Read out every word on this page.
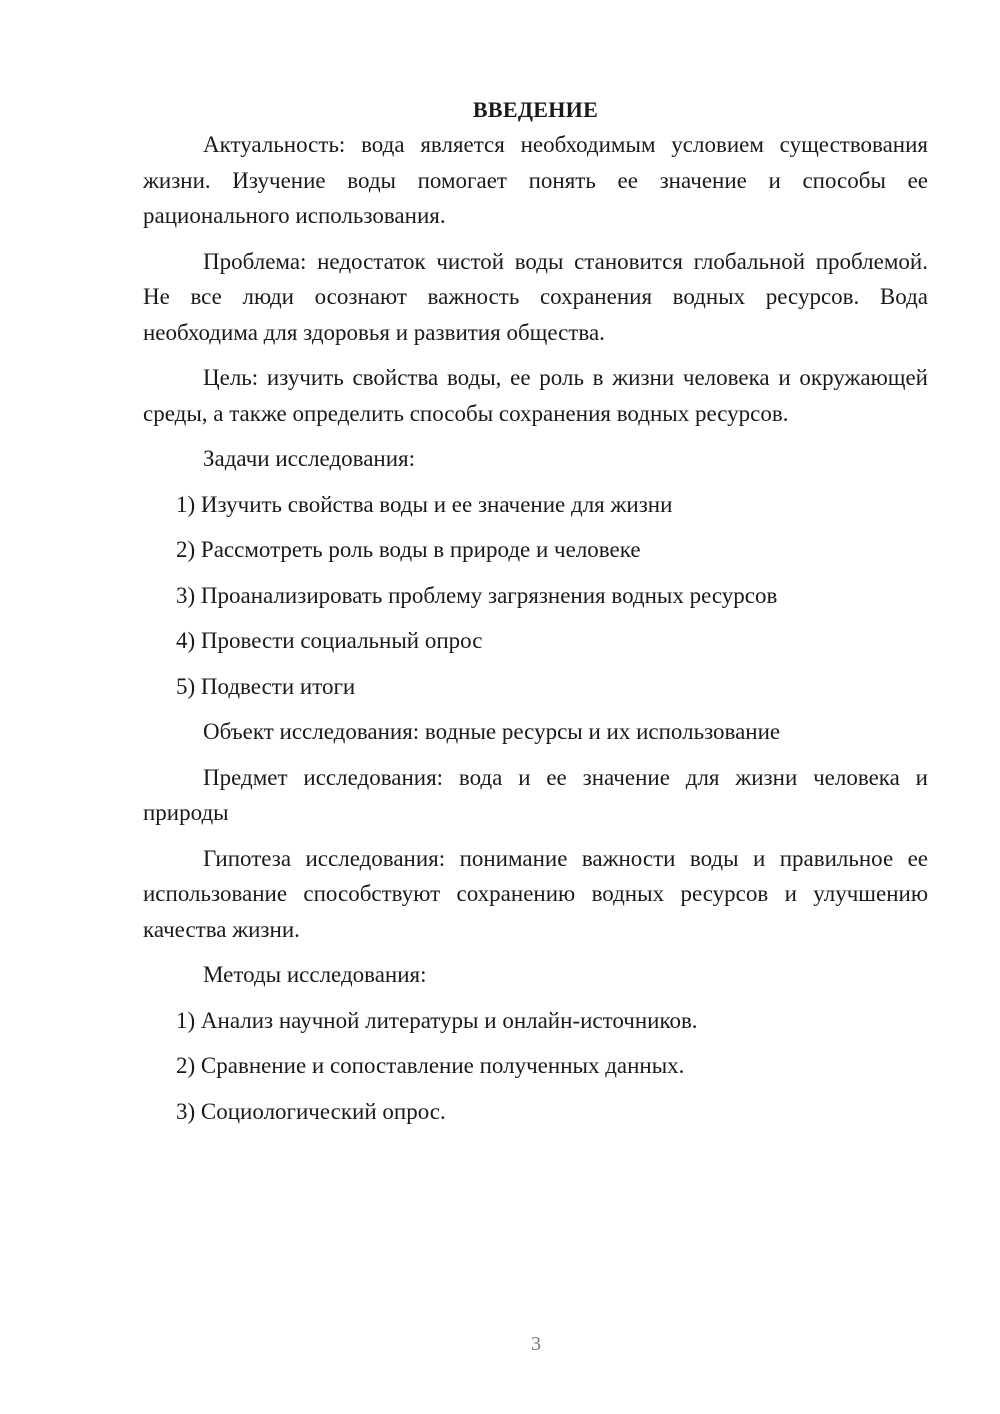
ВВЕДЕНИЕ

Актуальность: вода является необходимым условием существования жизни. Изучение воды помогает понять ее значение и способы ее рационального использования.

Проблема: недостаток чистой воды становится глобальной проблемой. Не все люди осознают важность сохранения водных ресурсов. Вода необходима для здоровья и развития общества.

Цель: изучить свойства воды, ее роль в жизни человека и окружающей среды, а также определить способы сохранения водных ресурсов.

Задачи исследования:

1) Изучить свойства воды и ее значение для жизни

2) Рассмотреть роль воды в природе и человеке

3) Проанализировать проблему загрязнения водных ресурсов

4) Провести социальный опрос

5) Подвести итоги

Объект исследования: водные ресурсы и их использование

Предмет исследования: вода и ее значение для жизни человека и природы

Гипотеза исследования: понимание важности воды и правильное ее использование способствуют сохранению водных ресурсов и улучшению качества жизни.

Методы исследования:

1) Анализ научной литературы и онлайн-источников.

2) Сравнение и сопоставление полученных данных.

3) Социологический опрос.

3
